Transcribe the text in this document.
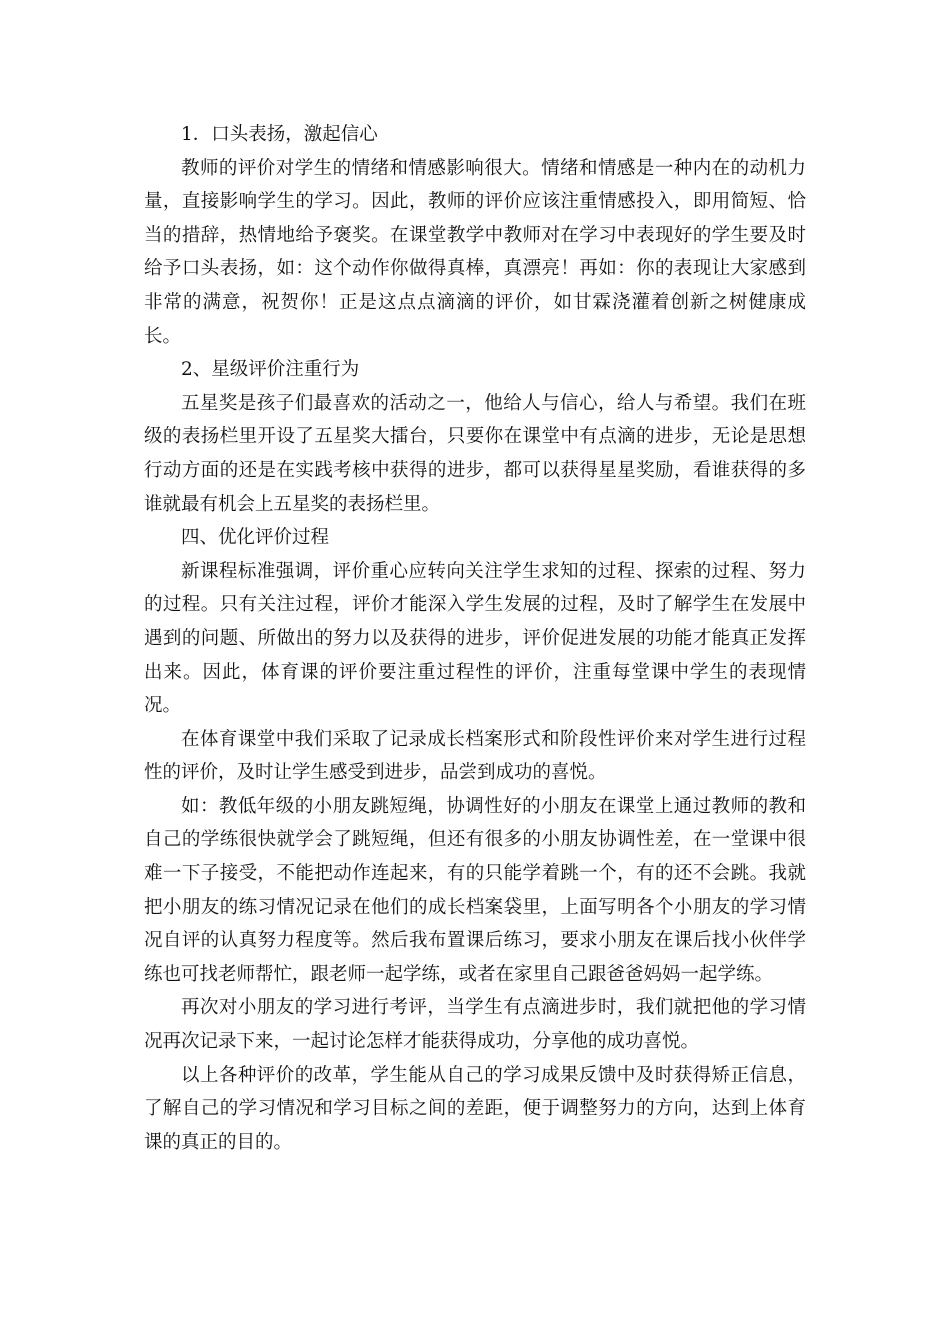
1．口头表扬，激起信心

教师的评价对学生的情绪和情感影响很大。情绪和情感是一种内在的动机力量，直接影响学生的学习。因此，教师的评价应该注重情感投入，即用简短、恰当的措辞，热情地给予褒奖。在课堂教学中教师对在学习中表现好的学生要及时给予口头表扬，如：这个动作你做得真棒，真漂亮！再如：你的表现让大家感到非常的满意，祝贺你！正是这点点滴滴的评价，如甘霖浇灌着创新之树健康成长。

2、星级评价注重行为

五星奖是孩子们最喜欢的活动之一，他给人与信心，给人与希望。我们在班级的表扬栏里开设了五星奖大擂台，只要你在课堂中有点滴的进步，无论是思想行动方面的还是在实践考核中获得的进步，都可以获得星星奖励，看谁获得的多谁就最有机会上五星奖的表扬栏里。

四、优化评价过程

新课程标准强调，评价重心应转向关注学生求知的过程、探索的过程、努力的过程。只有关注过程，评价才能深入学生发展的过程，及时了解学生在发展中遇到的问题、所做出的努力以及获得的进步，评价促进发展的功能才能真正发挥出来。因此，体育课的评价要注重过程性的评价，注重每堂课中学生的表现情况。

在体育课堂中我们采取了记录成长档案形式和阶段性评价来对学生进行过程性的评价，及时让学生感受到进步，品尝到成功的喜悦。

如：教低年级的小朋友跳短绳，协调性好的小朋友在课堂上通过教师的教和自己的学练很快就学会了跳短绳，但还有很多的小朋友协调性差，在一堂课中很难一下子接受，不能把动作连起来，有的只能学着跳一个，有的还不会跳。我就把小朋友的练习情况记录在他们的成长档案袋里，上面写明各个小朋友的学习情况自评的认真努力程度等。然后我布置课后练习，要求小朋友在课后找小伙伴学练也可找老师帮忙，跟老师一起学练，或者在家里自己跟爸爸妈妈一起学练。

再次对小朋友的学习进行考评，当学生有点滴进步时，我们就把他的学习情况再次记录下来，一起讨论怎样才能获得成功，分享他的成功喜悦。

以上各种评价的改革，学生能从自己的学习成果反馈中及时获得矫正信息，了解自己的学习情况和学习目标之间的差距，便于调整努力的方向，达到上体育课的真正的目的。
